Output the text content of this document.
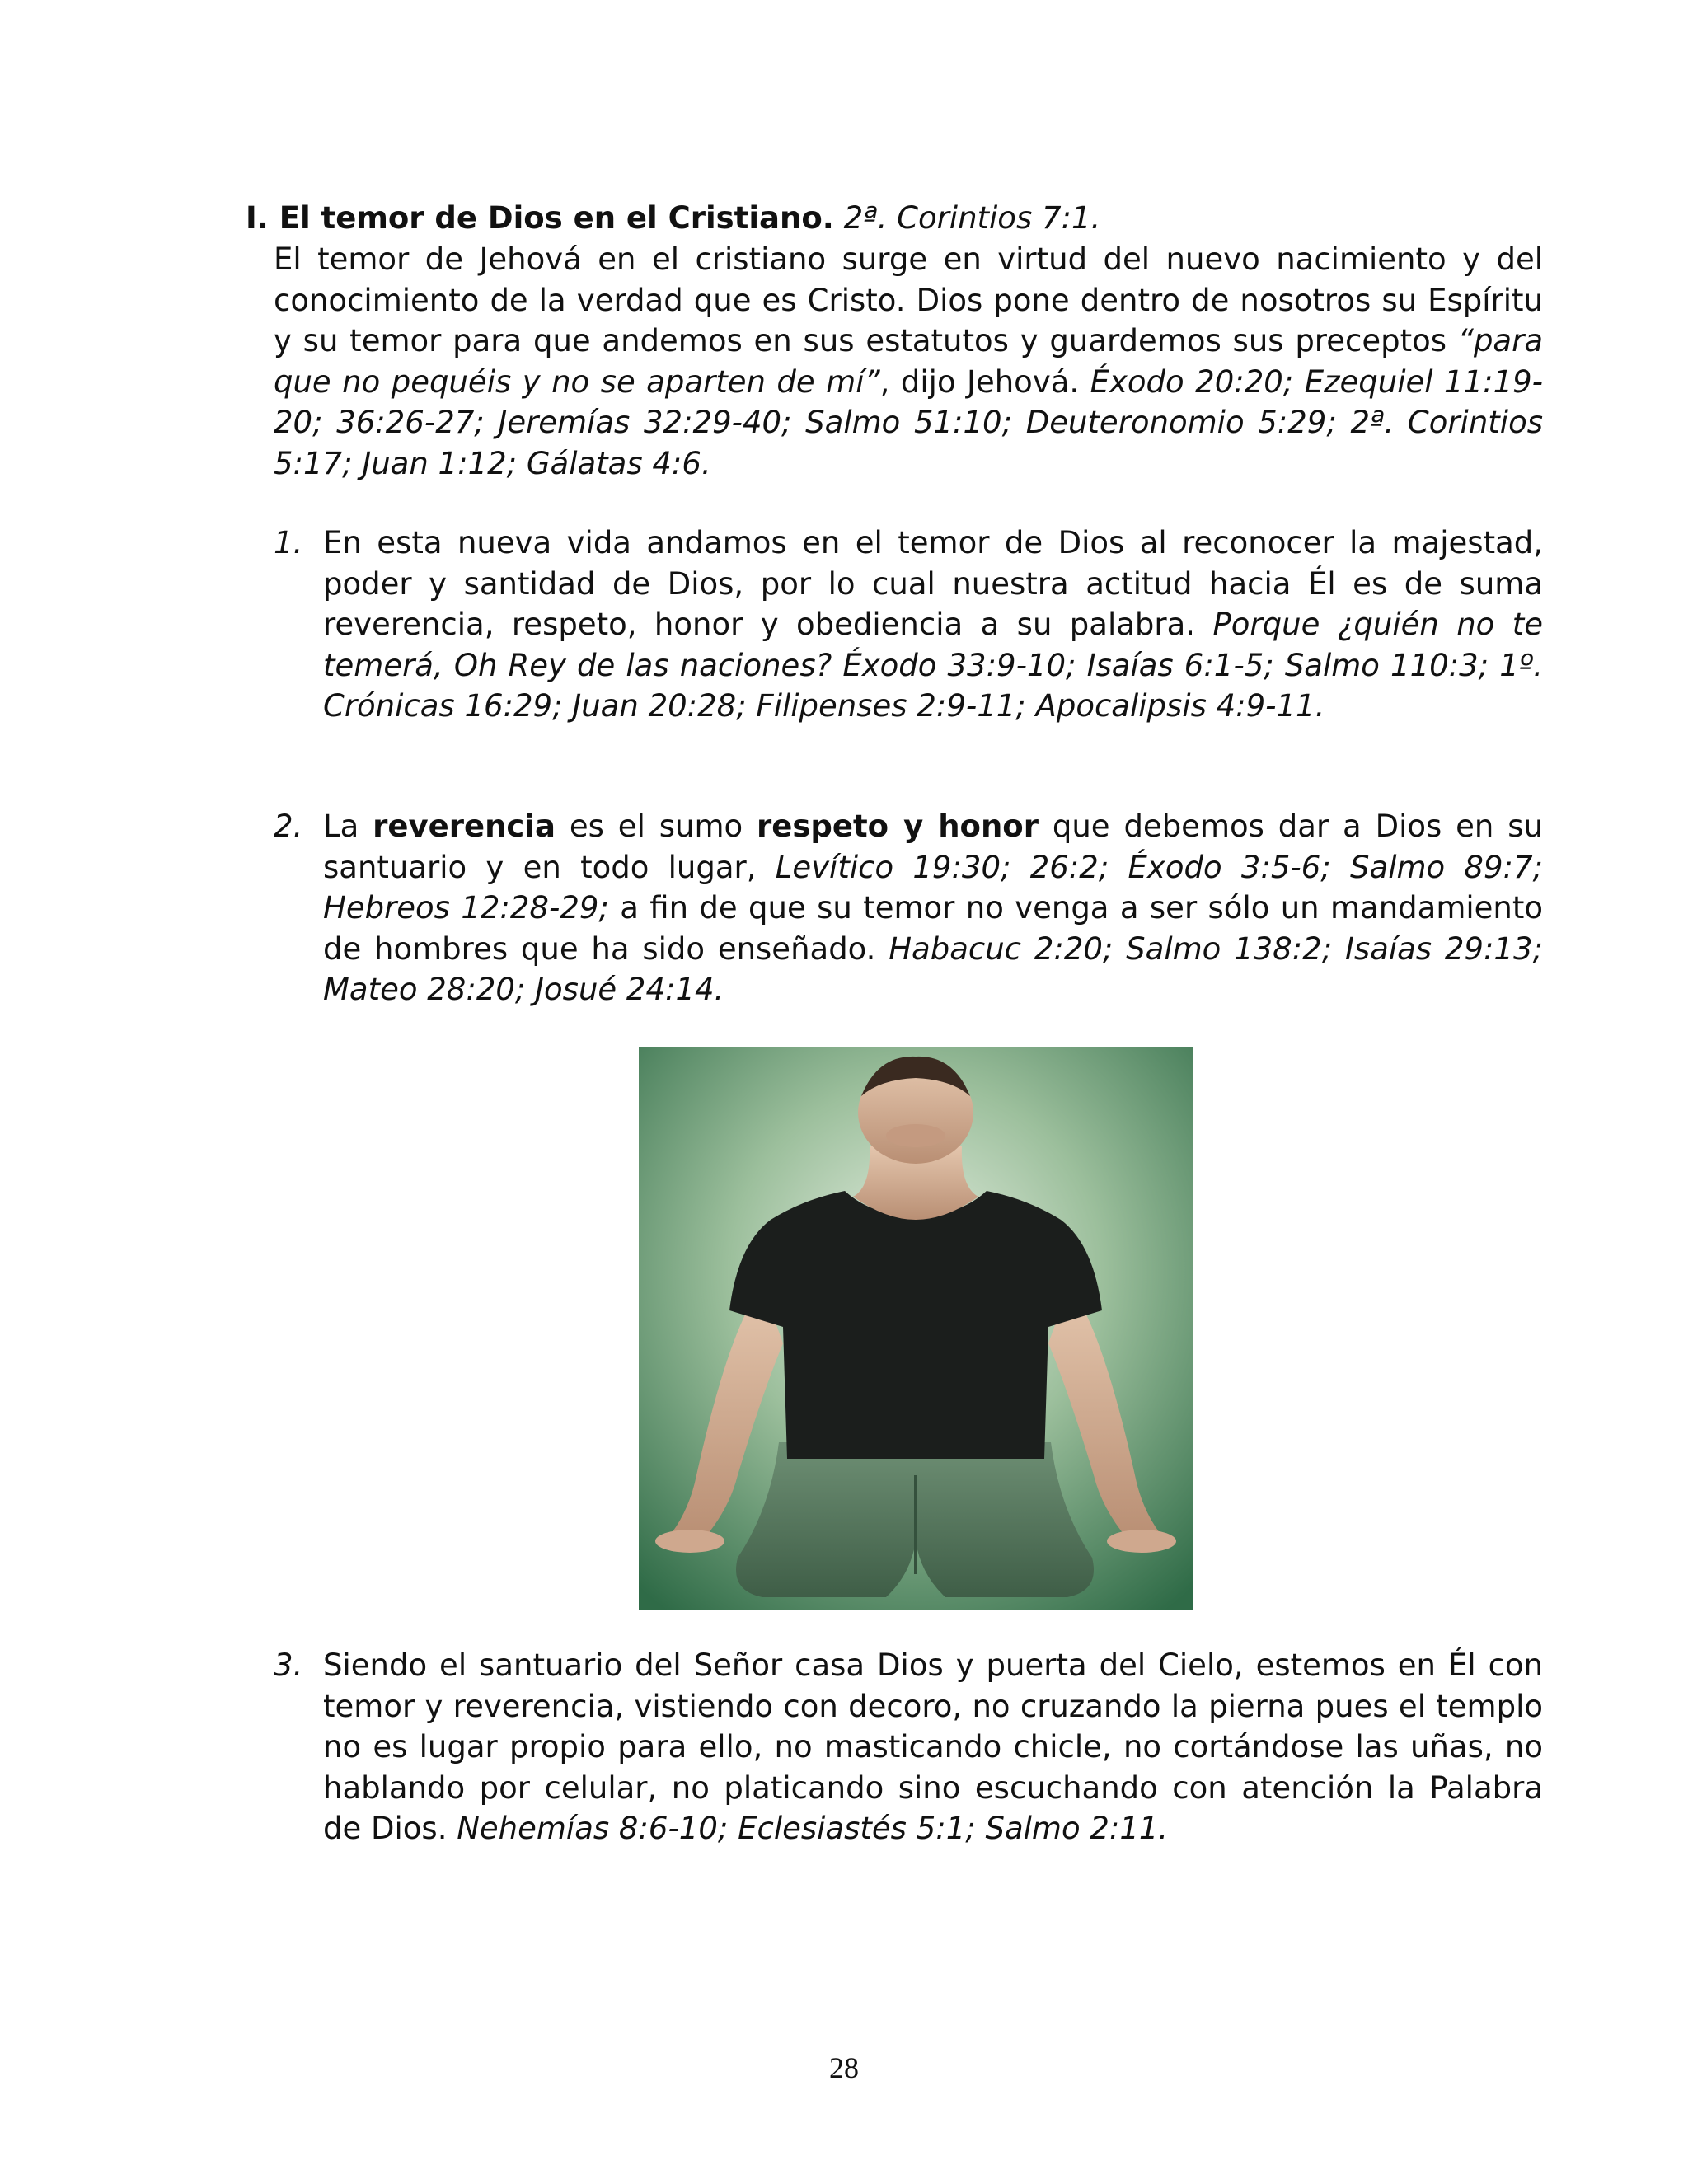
I. El temor de Dios en el Cristiano. 2ª. Corintios 7:1.
El temor de Jehová en el cristiano surge en virtud del nuevo nacimiento y del conocimiento de la verdad que es Cristo. Dios pone dentro de nosotros su Espíritu y su temor para que andemos en sus estatutos y guardemos sus preceptos “para que no pequéis y no se aparten de mí”, dijo Jehová. Éxodo 20:20; Ezequiel 11:19-20; 36:26-27; Jeremías 32:29-40; Salmo 51:10; Deuteronomio 5:29; 2ª. Corintios 5:17; Juan 1:12; Gálatas 4:6.
1. En esta nueva vida andamos en el temor de Dios al reconocer la majestad, poder y santidad de Dios, por lo cual nuestra actitud hacia Él es de suma reverencia, respeto, honor y obediencia a su palabra. Porque ¿quién no te temerá, Oh Rey de las naciones? Éxodo 33:9-10; Isaías 6:1-5; Salmo 110:3; 1º. Crónicas 16:29; Juan 20:28; Filipenses 2:9-11; Apocalipsis 4:9-11.
2. La reverencia es el sumo respeto y honor que debemos dar a Dios en su santuario y en todo lugar, Levítico 19:30; 26:2; Éxodo 3:5-6; Salmo 89:7; Hebreos 12:28-29; a fin de que su temor no venga a ser sólo un mandamiento de hombres que ha sido enseñado. Habacuc 2:20; Salmo 138:2; Isaías 29:13; Mateo 28:20; Josué 24:14.
3. Siendo el santuario del Señor casa Dios y puerta del Cielo, estemos en Él con temor y reverencia, vistiendo con decoro, no cruzando la pierna pues el templo no es lugar propio para ello, no masticando chicle, no cortándose las uñas, no hablando por celular, no platicando sino escuchando con atención la Palabra de Dios. Nehemías 8:6-10; Eclesiastés 5:1; Salmo 2:11.
28
